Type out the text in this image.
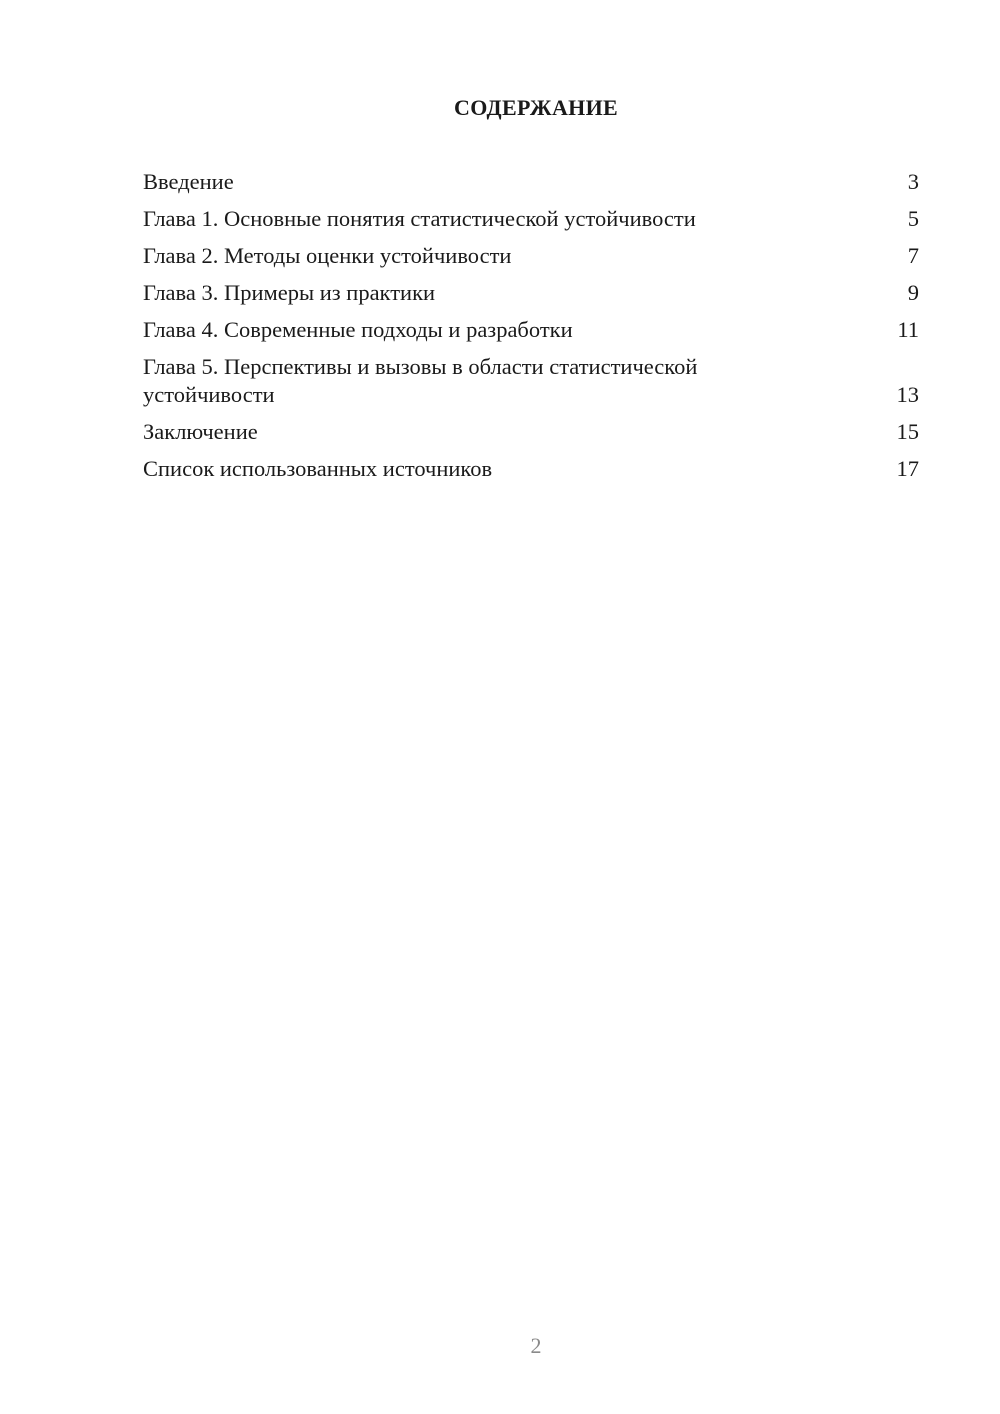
СОДЕРЖАНИЕ
Введение	3
Глава 1. Основные понятия статистической устойчивости	5
Глава 2. Методы оценки устойчивости	7
Глава 3. Примеры из практики	9
Глава 4. Современные подходы и разработки	11
Глава 5. Перспективы и вызовы в области статистической устойчивости	13
Заключение	15
Список использованных источников	17
2
